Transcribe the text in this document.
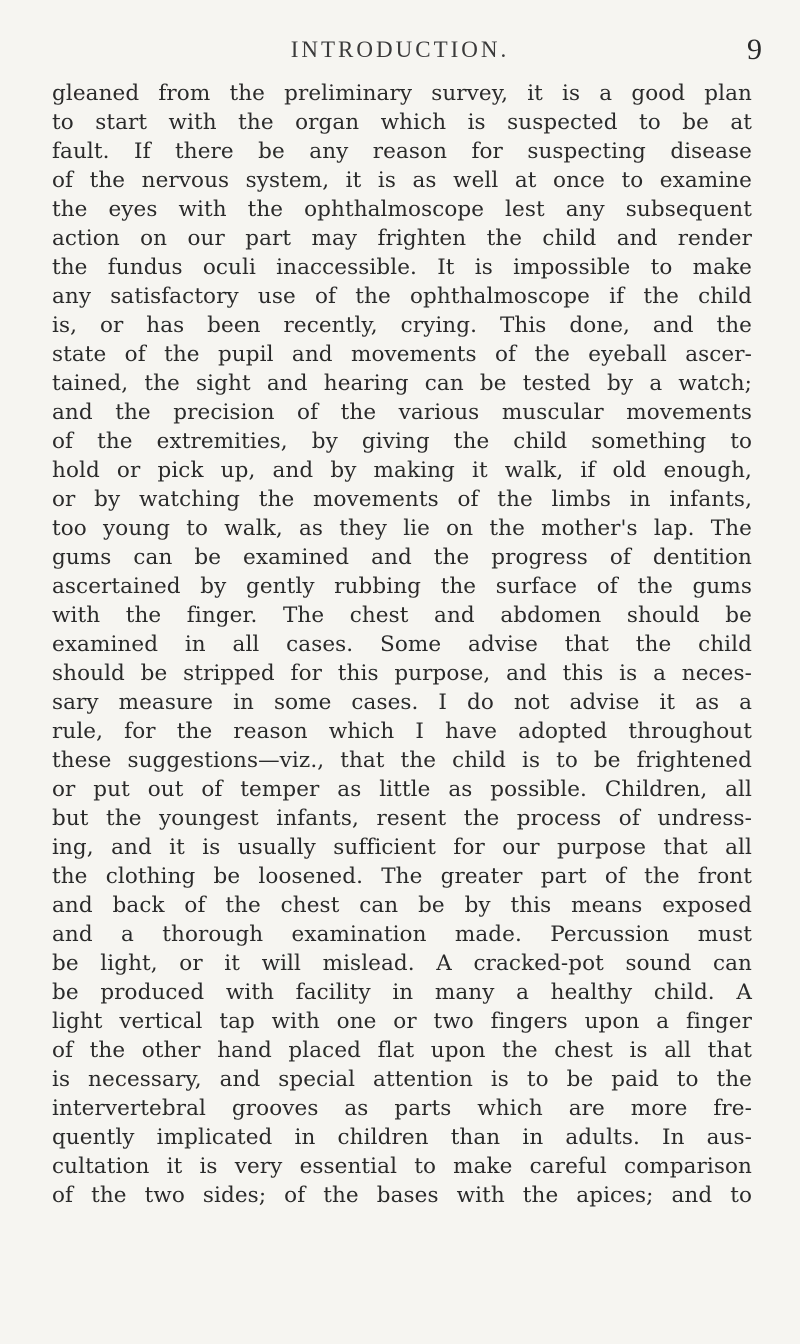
INTRODUCTION.	9
gleaned from the preliminary survey, it is a good plan
to start with the organ which is suspected to be at
fault. If there be any reason for suspecting disease
of the nervous system, it is as well at once to examine
the eyes with the ophthalmoscope lest any subsequent
action on our part may frighten the child and render
the fundus oculi inaccessible. It is impossible to make
any satisfactory use of the ophthalmoscope if the child
is, or has been recently, crying. This done, and the
state of the pupil and movements of the eyeball ascer-
tained, the sight and hearing can be tested by a watch;
and the precision of the various muscular movements
of the extremities, by giving the child something to
hold or pick up, and by making it walk, if old enough,
or by watching the movements of the limbs in infants,
too young to walk, as they lie on the mother's lap. The
gums can be examined and the progress of dentition
ascertained by gently rubbing the surface of the gums
with the finger. The chest and abdomen should be
examined in all cases. Some advise that the child
should be stripped for this purpose, and this is a neces-
sary measure in some cases. I do not advise it as a
rule, for the reason which I have adopted throughout
these suggestions—viz., that the child is to be frightened
or put out of temper as little as possible. Children, all
but the youngest infants, resent the process of undress-
ing, and it is usually sufficient for our purpose that all
the clothing be loosened. The greater part of the front
and back of the chest can be by this means exposed
and a thorough examination made. Percussion must
be light, or it will mislead. A cracked-pot sound can
be produced with facility in many a healthy child. A
light vertical tap with one or two fingers upon a finger
of the other hand placed flat upon the chest is all that
is necessary, and special attention is to be paid to the
intervertebral grooves as parts which are more fre-
quently implicated in children than in adults. In aus-
cultation it is very essential to make careful comparison
of the two sides; of the bases with the apices; and to
